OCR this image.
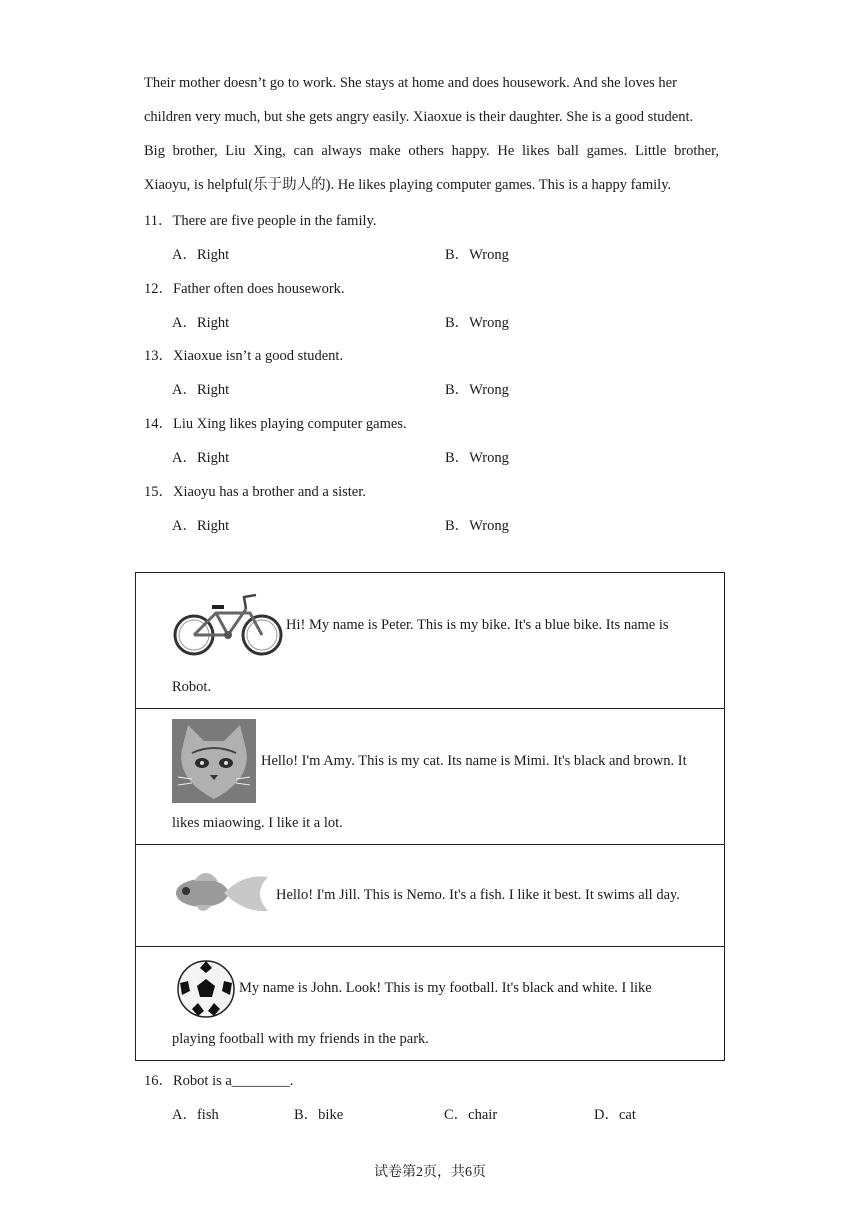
Their mother doesn’t go to work. She stays at home and does housework. And she loves her

children very much, but she gets angry easily. Xiaoxue is their daughter. She is a good student.

Big brother, Liu Xing, can always make others happy. He likes ball games. Little brother,

Xiaoyu, is helpful(乐于助人的). He likes playing computer games. This is a happy family.

11．There are five people in the family.
A．Right	B．Wrong
12．Father often does housework.
A．Right	B．Wrong
13．Xiaoxue isn’t a good student.
A．Right	B．Wrong
14．Liu Xing likes playing computer games.
A．Right	B．Wrong
15．Xiaoyu has a brother and a sister.
A．Right	B．Wrong
Hi! My name is Peter. This is my bike. It's a blue bike. Its name is
Robot.

Hello! I'm Amy. This is my cat. Its name is Mimi. It's black and brown. It
likes miaowing. I like it a lot.

Hello! I'm Jill. This is Nemo. It's a fish. I like it best. It swims all day.

My name is John. Look! This is my football. It's black and white. I like
playing football with my friends in the park.
16．Robot is a________.
A．fish	B．bike	C．chair	D．cat
试卷第2页，共6页
